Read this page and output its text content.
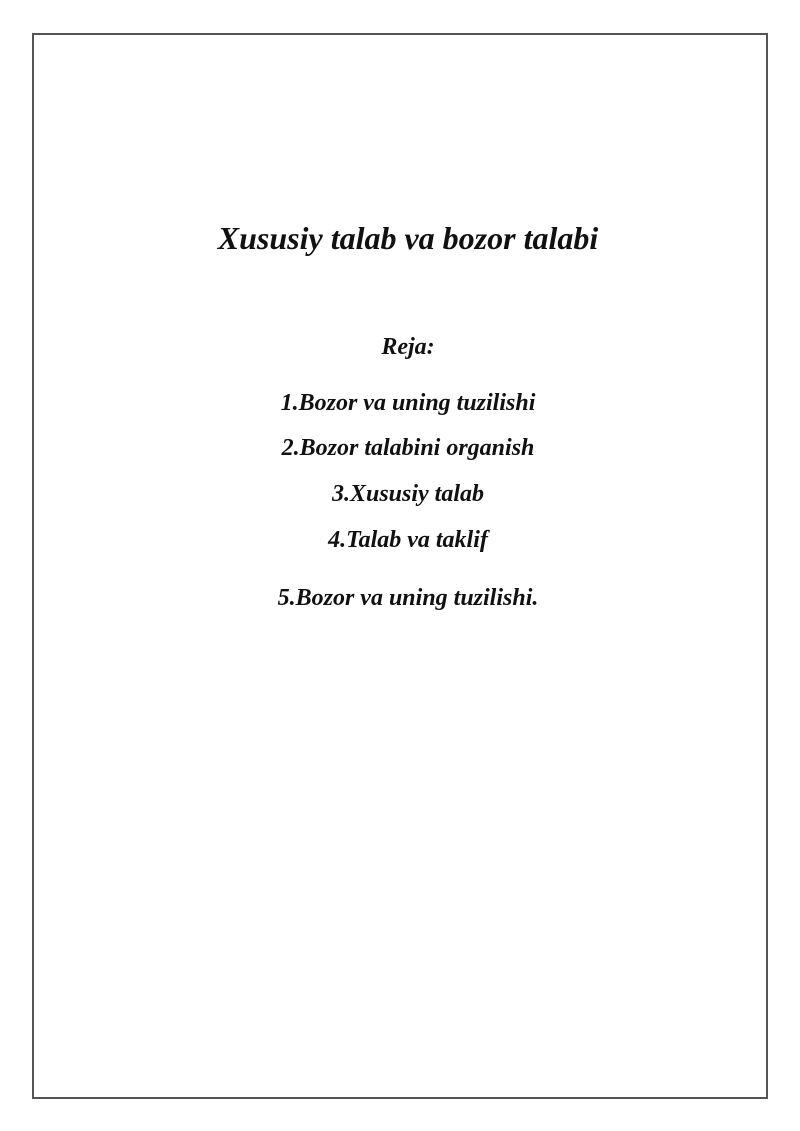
Xususiy talab va bozor talabi
Reja:
1.Bozor va uning tuzilishi
2.Bozor talabini organish
3.Xususiy talab
4.Talab va taklif
5.Bozor va uning tuzilishi.
